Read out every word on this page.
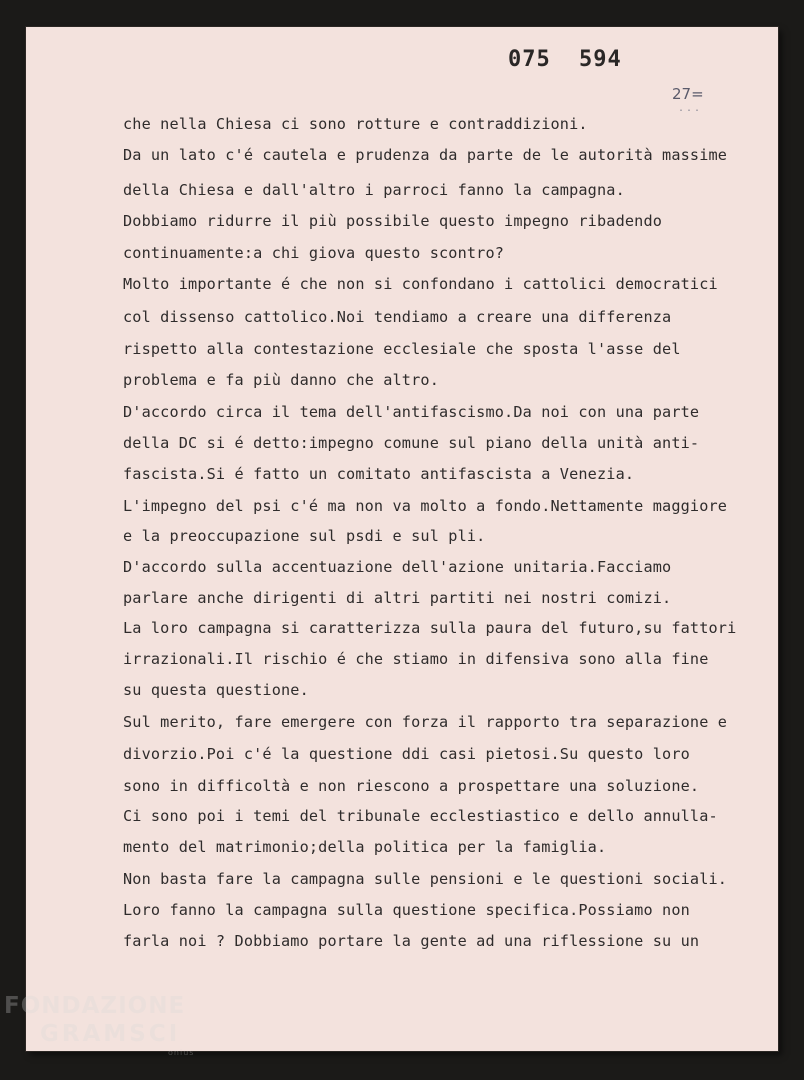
075 594
27=
...
che nella Chiesa ci sono rotture e contraddizioni.
Da un lato c'é cautela e prudenza da parte de le autorità massime
della Chiesa e dall'altro i parroci fanno la campagna.
Dobbiamo ridurre il più possibile questo impegno ribadendo
continuamente:a chi giova questo scontro?
Molto importante é che non si confondano i cattolici democratici
col dissenso cattolico.Noi tendiamo a creare una differenza
rispetto alla contestazione ecclesiale che sposta l'asse del
problema e fa più danno che altro.
D'accordo circa il tema dell'antifascismo.Da noi con una parte
della DC si é detto:impegno comune sul piano della unità anti-
fascista.Si é fatto un comitato antifascista a Venezia.
L'impegno del psi c'é ma non va molto a fondo.Nettamente maggiore
e la preoccupazione sul psdi e sul pli.
D'accordo sulla accentuazione dell'azione unitaria.Facciamo
parlare anche dirigenti di altri partiti nei nostri comizi.
La loro campagna si caratterizza sulla paura del futuro,su fattori
irrazionali.Il rischio é che stiamo in difensiva sono alla fine
su questa questione.
Sul merito, fare emergere con forza il rapporto tra separazione e
divorzio.Poi c'é la questione ddi casi pietosi.Su questo loro
sono in difficoltà e non riescono a prospettare una soluzione.
Ci sono poi i temi del tribunale ecclestiastico e dello annulla-
mento del matrimonio;della politica per la famiglia.
Non basta fare la campagna sulle pensioni e le questioni sociali.
Loro fanno la campagna sulla questione specifica.Possiamo non
farla noi ? Dobbiamo portare la gente ad una riflessione su un
FONDAZIONE
GRAMSCI
onlus
